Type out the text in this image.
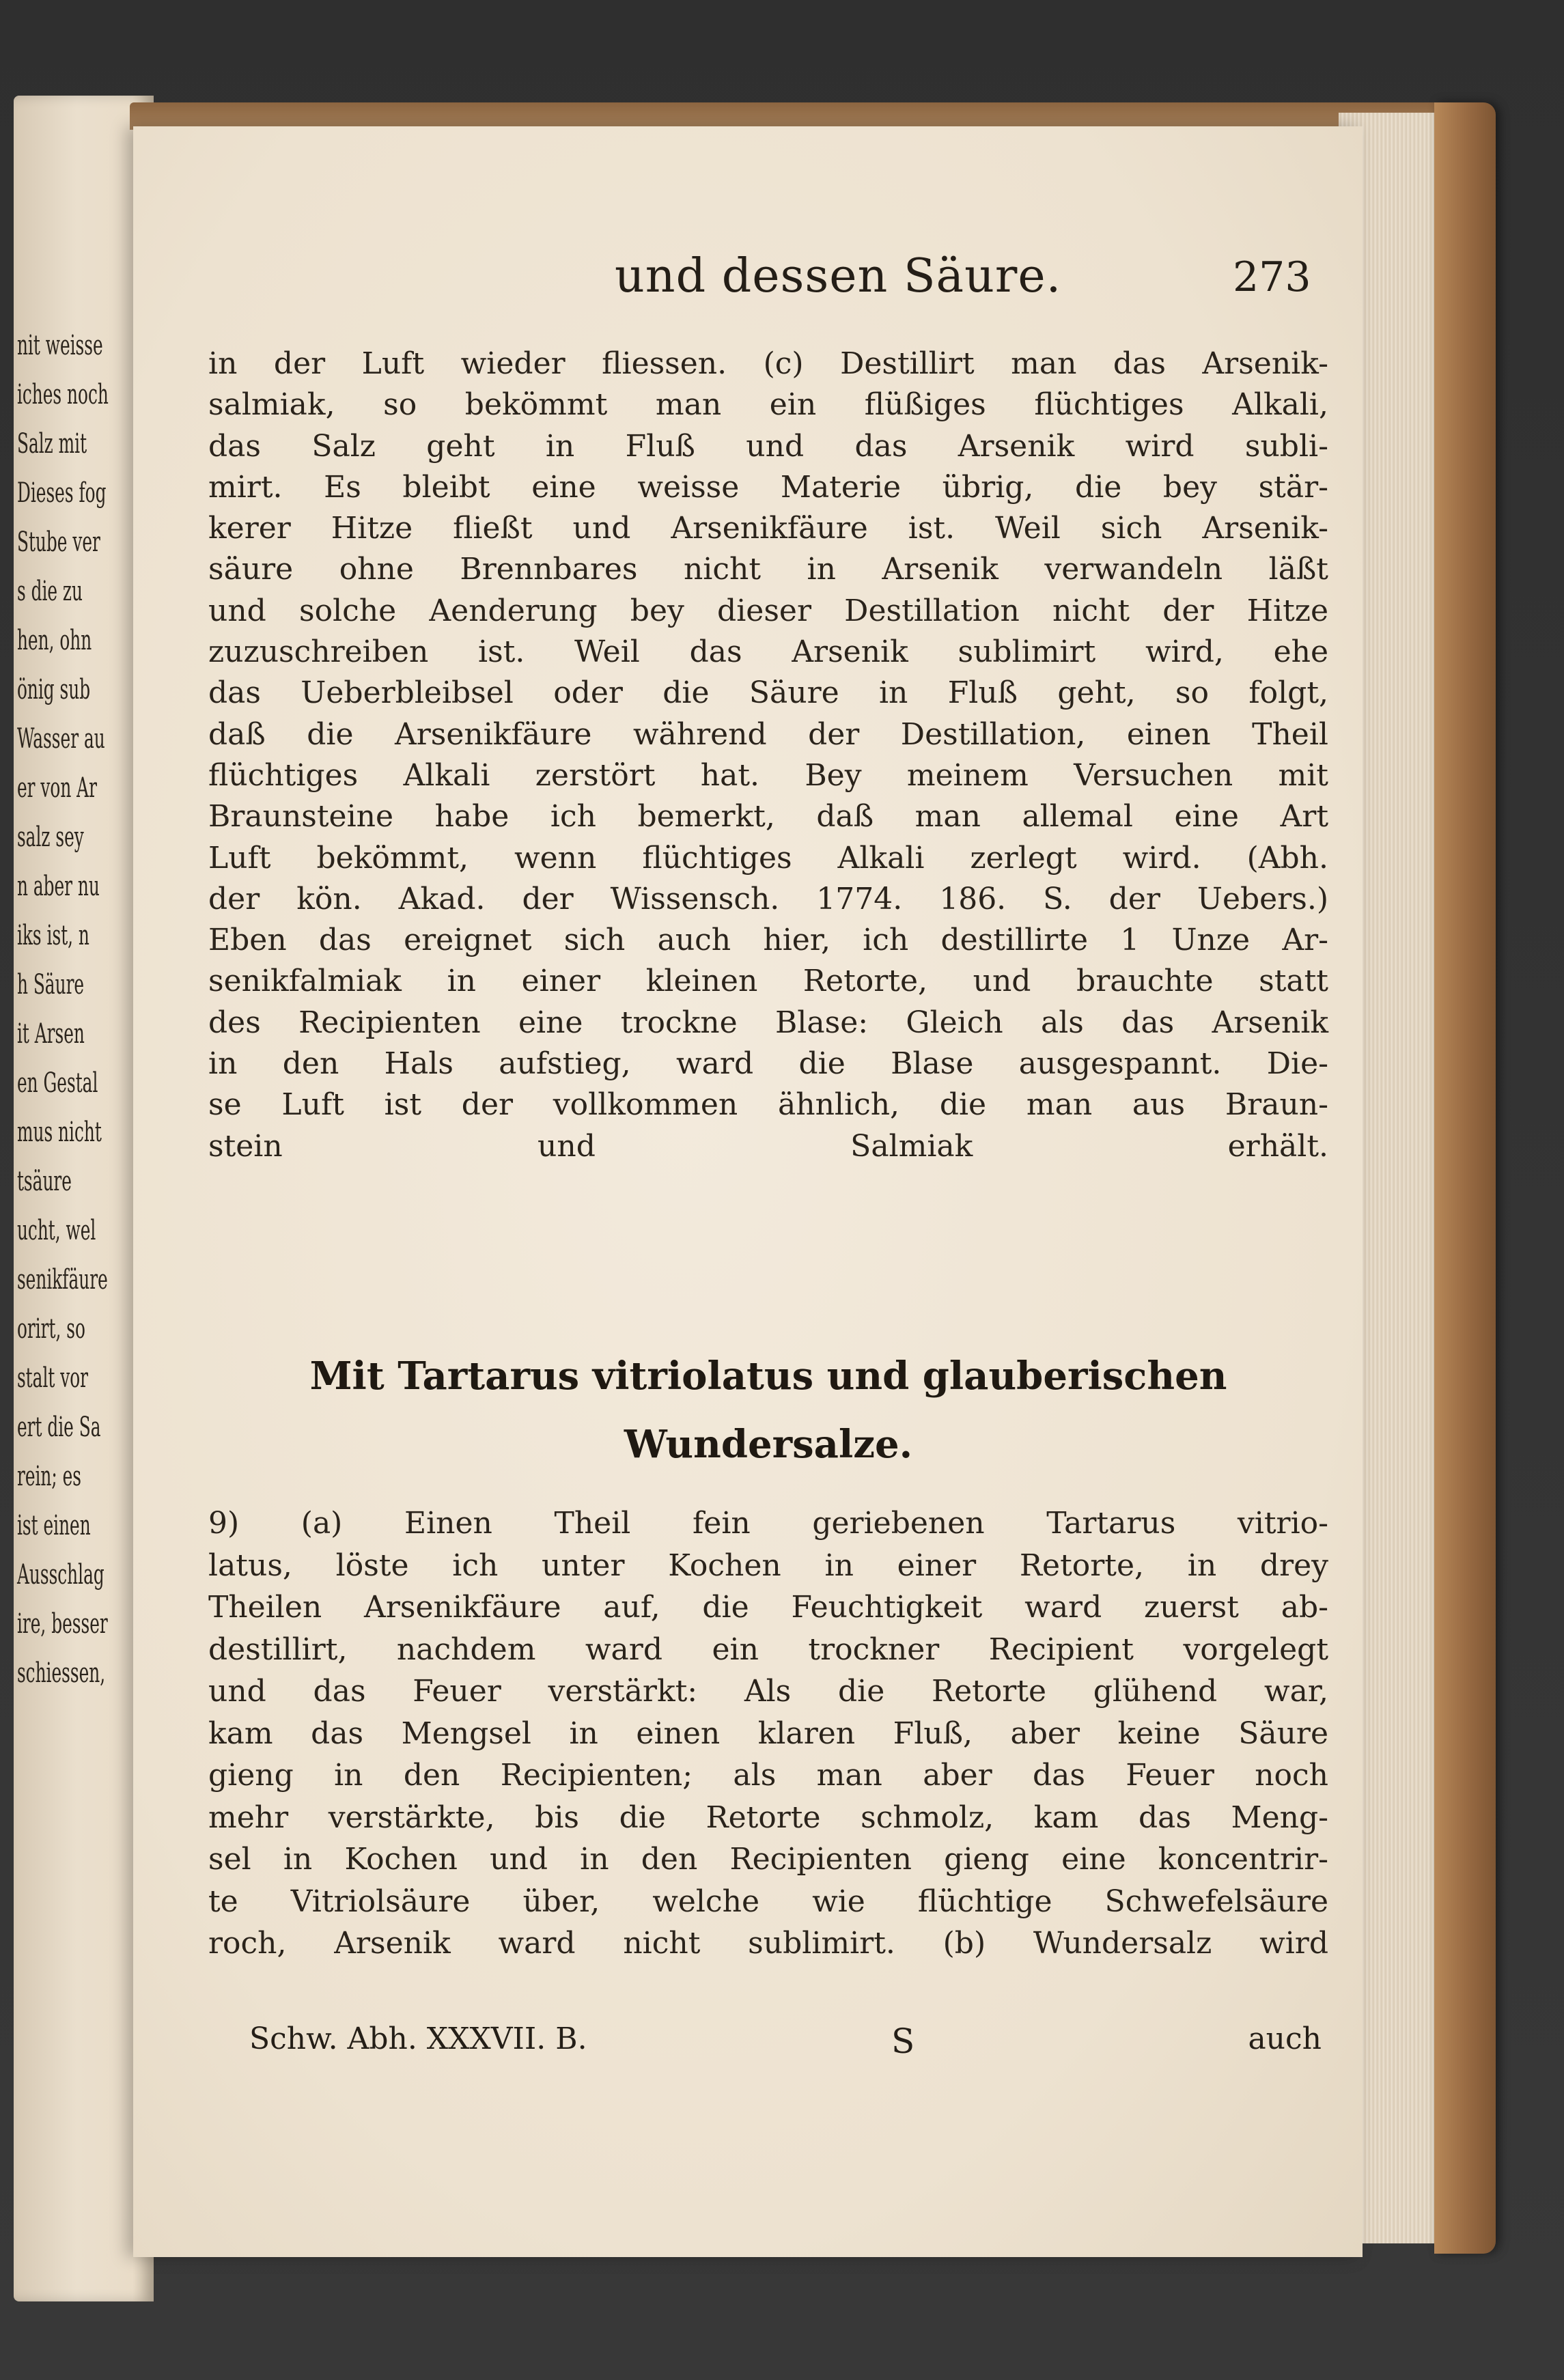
nit weisse
iches noch
Salz mit
Dieses fog
Stube ver
s die zu
hen, ohn
önig sub
Wasser au
er von Ar
salz sey
n aber nu
iks ist, n
h Säure
it Arsen
en Gestal
mus nicht
tsäure
ucht, wel
senikfäure
orirt, so
stalt vor
ert die Sa
rein; es
ist einen
Ausschlag
ire, besser
schiessen,
und dessen Säure.	273
in der Luft wieder fliessen. (c) Destillirt man das Arsenik-
salmiak, so bekömmt man ein flüßiges flüchtiges Alkali,
das Salz geht in Fluß und das Arsenik wird subli-
mirt. Es bleibt eine weisse Materie übrig, die bey stär-
kerer Hitze fließt und Arsenikfäure ist. Weil sich Arsenik-
säure ohne Brennbares nicht in Arsenik verwandeln läßt
und solche Aenderung bey dieser Destillation nicht der Hitze
zuzuschreiben ist. Weil das Arsenik sublimirt wird, ehe
das Ueberbleibsel oder die Säure in Fluß geht, so folgt,
daß die Arsenikfäure während der Destillation, einen Theil
flüchtiges Alkali zerstört hat. Bey meinem Versuchen mit
Braunsteine habe ich bemerkt, daß man allemal eine Art
Luft bekömmt, wenn flüchtiges Alkali zerlegt wird. (Abh.
der kön. Akad. der Wissensch. 1774. 186. S. der Uebers.)
Eben das ereignet sich auch hier, ich destillirte 1 Unze Ar-
senikfalmiak in einer kleinen Retorte, und brauchte statt
des Recipienten eine trockne Blase: Gleich als das Arsenik
in den Hals aufstieg, ward die Blase ausgespannt. Die-
se Luft ist der vollkommen ähnlich, die man aus Braun-
stein und Salmiak erhält.
Mit Tartarus vitriolatus und glauberischen
Wundersalze.
9) (a) Einen Theil fein geriebenen Tartarus vitrio-
latus, löste ich unter Kochen in einer Retorte, in drey
Theilen Arsenikfäure auf, die Feuchtigkeit ward zuerst ab-
destillirt, nachdem ward ein trockner Recipient vorgelegt
und das Feuer verstärkt: Als die Retorte glühend war,
kam das Mengsel in einen klaren Fluß, aber keine Säure
gieng in den Recipienten; als man aber das Feuer noch
mehr verstärkte, bis die Retorte schmolz, kam das Meng-
sel in Kochen und in den Recipienten gieng eine koncentrir-
te Vitriolsäure über, welche wie flüchtige Schwefelsäure
roch, Arsenik ward nicht sublimirt. (b) Wundersalz wird
Schw. Abh. XXXVII. B.	S	auch
